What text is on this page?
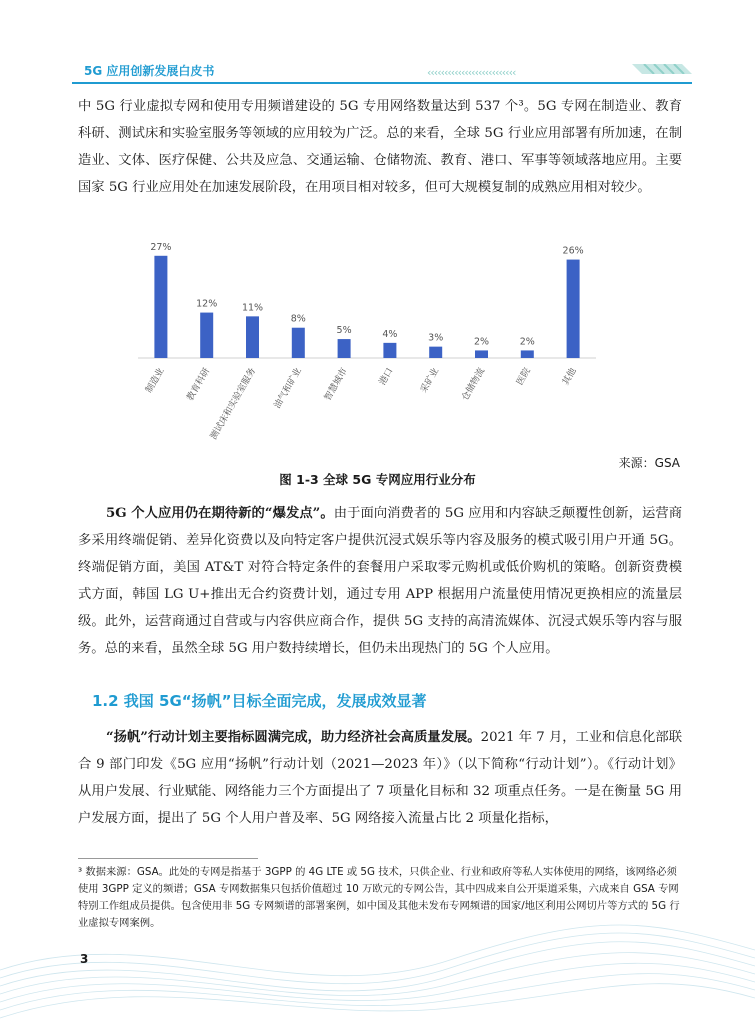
5G 应用创新发展白皮书	‹‹‹‹‹‹‹‹‹‹‹‹‹‹‹‹‹‹‹‹‹‹‹‹‹‹
中 5G 行业虚拟专网和使用专用频谱建设的 5G 专用网络数量达到 537 个³。5G 专网在制造业、教育科研、测试床和实验室服务等领域的应用较为广泛。总的来看，全球 5G 行业应用部署有所加速，在制造业、文体、医疗保健、公共及应急、交通运输、仓储物流、教育、港口、军事等领域落地应用。主要国家 5G 行业应用处在加速发展阶段，在用项目相对较多，但可大规模复制的成熟应用相对较少。
27%
制造业
12%
教育科研
11%
测试床和实验室服务
8%
油气和矿业
5%
智慧城市
4%
港口
3%
采矿业
2%
仓储物流
2%
医院
26%
其他
来源：GSA
图 1-3 全球 5G 专网应用行业分布
5G 个人应用仍在期待新的“爆发点”。由于面向消费者的 5G 应用和内容缺乏颠覆性创新，运营商多采用终端促销、差异化资费以及向特定客户提供沉浸式娱乐等内容及服务的模式吸引用户开通 5G。终端促销方面，美国 AT&T 对符合特定条件的套餐用户采取零元购机或低价购机的策略。创新资费模式方面，韩国 LG U+推出无合约资费计划，通过专用 APP 根据用户流量使用情况更换相应的流量层级。此外，运营商通过自营或与内容供应商合作，提供 5G 支持的高清流媒体、沉浸式娱乐等内容与服务。总的来看，虽然全球 5G 用户数持续增长，但仍未出现热门的 5G 个人应用。
1.2 我国 5G“扬帆”目标全面完成，发展成效显著
“扬帆”行动计划主要指标圆满完成，助力经济社会高质量发展。2021 年 7 月，工业和信息化部联合 9 部门印发《5G 应用“扬帆”行动计划（2021—2023 年）》（以下简称“行动计划”）。《行动计划》从用户发展、行业赋能、网络能力三个方面提出了 7 项量化目标和 32 项重点任务。一是在衡量 5G 用户发展方面，提出了 5G 个人用户普及率、5G 网络接入流量占比 2 项量化指标，
³ 数据来源：GSA。此处的专网是指基于 3GPP 的 4G LTE 或 5G 技术，只供企业、行业和政府等私人实体使用的网络，该网络必须使用 3GPP 定义的频谱；GSA 专网数据集只包括价值超过 10 万欧元的专网公告，其中四成来自公开渠道采集，六成来自 GSA 专网特别工作组成员提供。包含使用非 5G 专网频谱的部署案例，如中国及其他未发布专网频谱的国家/地区利用公网切片等方式的 5G 行业虚拟专网案例。
3
